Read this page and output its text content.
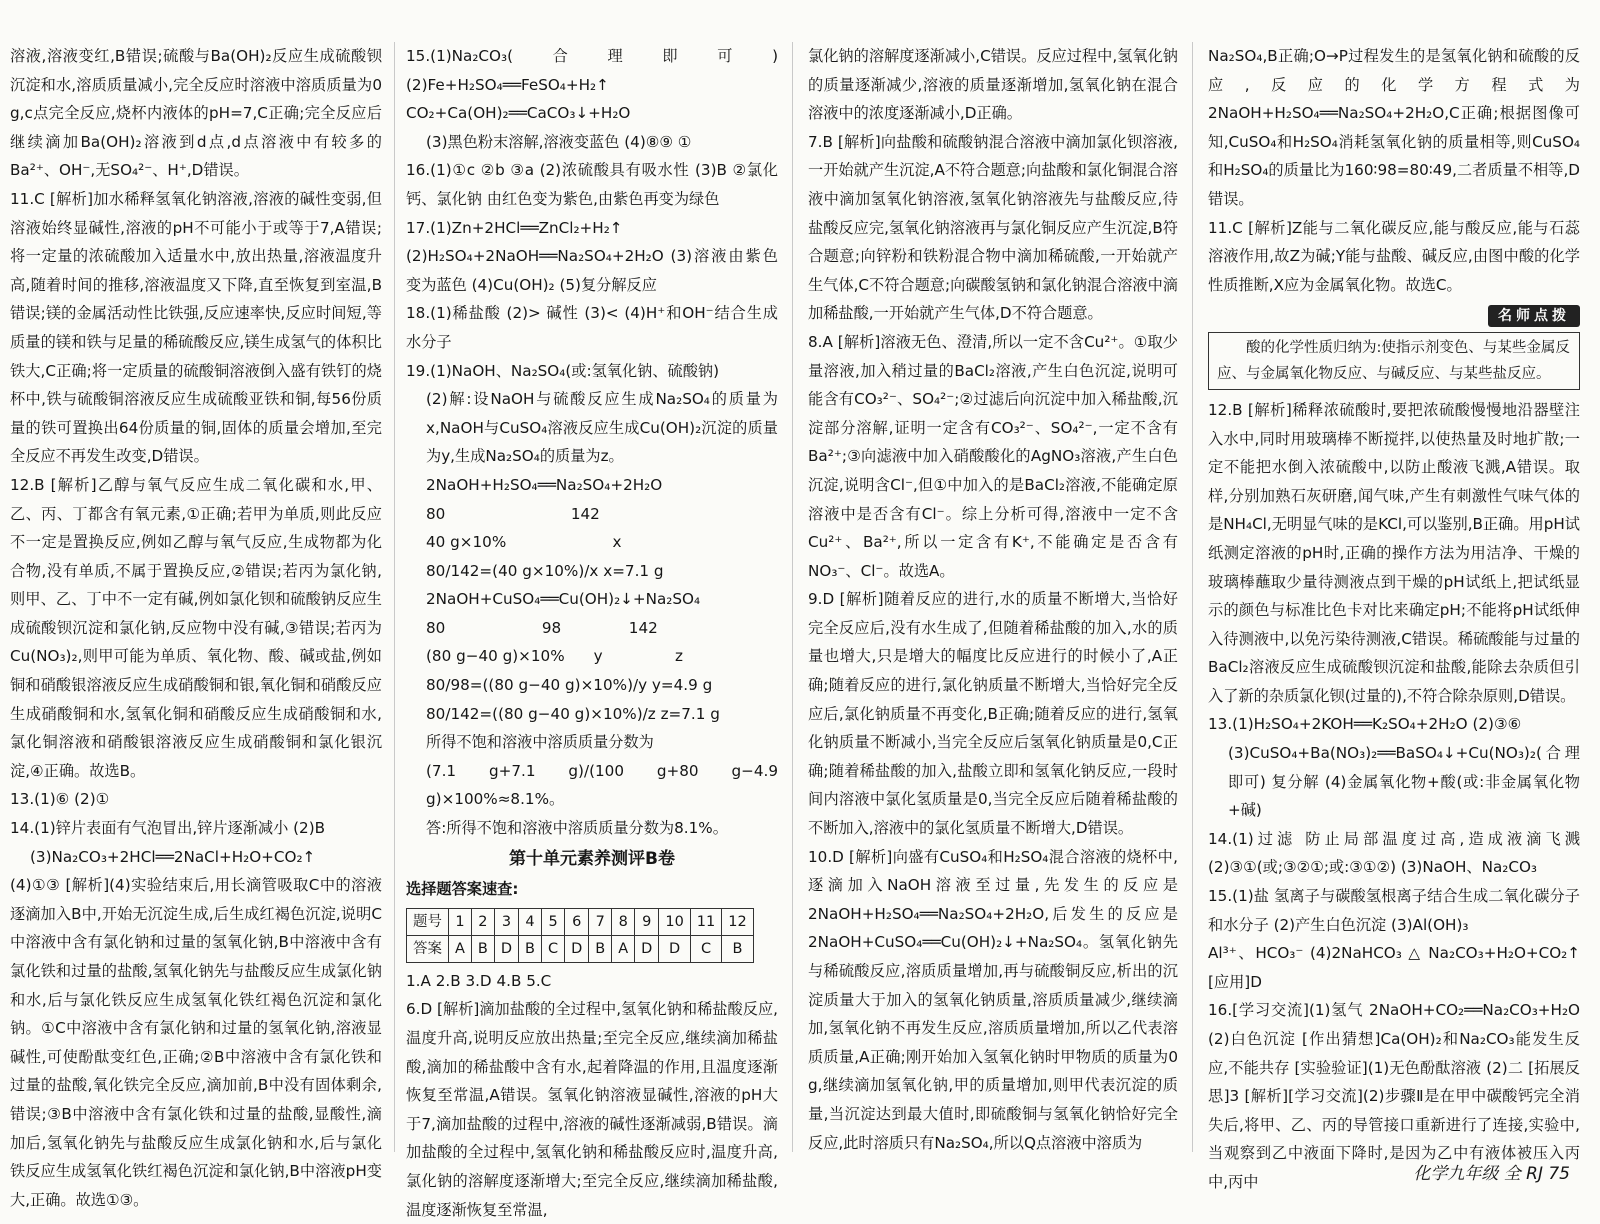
溶液,溶液变红,B错误;硫酸与Ba(OH)₂反应生成硫酸钡沉淀和水,溶质质量减小,完全反应时溶液中溶质质量为0 g,c点完全反应,烧杯内液体的pH=7,C正确;完全反应后继续滴加Ba(OH)₂溶液到d点,d点溶液中有较多的Ba²⁺、OH⁻,无SO₄²⁻、H⁺,D错误。

11.C [解析]加水稀释氢氧化钠溶液,溶液的碱性变弱,但溶液始终显碱性,溶液的pH不可能小于或等于7,A错误;将一定量的浓硫酸加入适量水中,放出热量,溶液温度升高,随着时间的推移,溶液温度又下降,直至恢复到室温,B错误;镁的金属活动性比铁强,反应速率快,反应时间短,等质量的镁和铁与足量的稀硫酸反应,镁生成氢气的体积比铁大,C正确;将一定质量的硫酸铜溶液倒入盛有铁钉的烧杯中,铁与硫酸铜溶液反应生成硫酸亚铁和铜,每56份质量的铁可置换出64份质量的铜,固体的质量会增加,至完全反应不再发生改变,D错误。

12.B [解析]乙醇与氧气反应生成二氧化碳和水,甲、乙、丙、丁都含有氧元素,①正确;若甲为单质,则此反应不一定是置换反应,例如乙醇与氧气反应,生成物都为化合物,没有单质,不属于置换反应,②错误;若丙为氯化钠,则甲、乙、丁中不一定有碱,例如氯化钡和硫酸钠反应生成硫酸钡沉淀和氯化钠,反应物中没有碱,③错误;若丙为Cu(NO₃)₂,则甲可能为单质、氧化物、酸、碱或盐,例如铜和硝酸银溶液反应生成硝酸铜和银,氧化铜和硝酸反应生成硝酸铜和水,氢氧化铜和硝酸反应生成硝酸铜和水,氯化铜溶液和硝酸银溶液反应生成硝酸铜和氯化银沉淀,④正确。故选B。

13.(1)⑥ (2)①

14.(1)锌片表面有气泡冒出,锌片逐渐减小 (2)B

(3)Na₂CO₃+2HCl══2NaCl+H₂O+CO₂↑

(4)①③ [解析](4)实验结束后,用长滴管吸取C中的溶液逐滴加入B中,开始无沉淀生成,后生成红褐色沉淀,说明C中溶液中含有氯化钠和过量的氢氧化钠,B中溶液中含有氯化铁和过量的盐酸,氢氧化钠先与盐酸反应生成氯化钠和水,后与氯化铁反应生成氢氧化铁红褐色沉淀和氯化钠。①C中溶液中含有氯化钠和过量的氢氧化钠,溶液显碱性,可使酚酞变红色,正确;②B中溶液中含有氯化铁和过量的盐酸,氧化铁完全反应,滴加前,B中没有固体剩余,错误;③B中溶液中含有氯化铁和过量的盐酸,显酸性,滴加后,氢氧化钠先与盐酸反应生成氯化钠和水,后与氯化铁反应生成氢氧化铁红褐色沉淀和氯化钠,B中溶液pH变大,正确。故选①③。

15.(1)Na₂CO₃(合理即可) (2)Fe+H₂SO₄══FeSO₄+H₂↑ CO₂+Ca(OH)₂══CaCO₃↓+H₂O

(3)黑色粉末溶解,溶液变蓝色 (4)⑧⑨ ①

16.(1)①c ②b ③a (2)浓硫酸具有吸水性 (3)B ②氯化钙、氯化钠 由红色变为紫色,由紫色再变为绿色

17.(1)Zn+2HCl══ZnCl₂+H₂↑ (2)H₂SO₄+2NaOH══Na₂SO₄+2H₂O (3)溶液由紫色变为蓝色 (4)Cu(OH)₂ (5)复分解反应

18.(1)稀盐酸 (2)> 碱性 (3)< (4)H⁺和OH⁻结合生成水分子

19.(1)NaOH、Na₂SO₄(或:氢氧化钠、硫酸钠)

(2)解:设NaOH与硫酸反应生成Na₂SO₄的质量为x,NaOH与CuSO₄溶液反应生成Cu(OH)₂沉淀的质量为y,生成Na₂SO₄的质量为z。

2NaOH+H₂SO₄══Na₂SO₄+2H₂O

80                          142

40 g×10%                      x

80/142=(40 g×10%)/x x=7.1 g

2NaOH+CuSO₄══Cu(OH)₂↓+Na₂SO₄

80                    98              142

(80 g−40 g)×10%      y               z

80/98=((80 g−40 g)×10%)/y y=4.9 g

80/142=((80 g−40 g)×10%)/z z=7.1 g

所得不饱和溶液中溶质质量分数为

(7.1 g+7.1 g)/(100 g+80 g−4.9 g)×100%≈8.1%。

答:所得不饱和溶液中溶质质量分数为8.1%。

第十单元素养测评B卷

选择题答案速查:

题号	1	2	3	4	5	6	7	8	9	10	11	12
答案	A	B	D	B	C	D	B	A	D	D	C	B

1.A 2.B 3.D 4.B 5.C

6.D [解析]滴加盐酸的全过程中,氢氧化钠和稀盐酸反应,温度升高,说明反应放出热量;至完全反应,继续滴加稀盐酸,滴加的稀盐酸中含有水,起着降温的作用,且温度逐渐恢复至常温,A错误。氢氧化钠溶液显碱性,溶液的pH大于7,滴加盐酸的过程中,溶液的碱性逐渐减弱,B错误。滴加盐酸的全过程中,氢氧化钠和稀盐酸反应时,温度升高,氯化钠的溶解度逐渐增大;至完全反应,继续滴加稀盐酸,温度逐渐恢复至常温,

氯化钠的溶解度逐渐减小,C错误。反应过程中,氢氧化钠的质量逐渐减少,溶液的质量逐渐增加,氢氧化钠在混合溶液中的浓度逐渐减小,D正确。

7.B [解析]向盐酸和硫酸钠混合溶液中滴加氯化钡溶液,一开始就产生沉淀,A不符合题意;向盐酸和氯化铜混合溶液中滴加氢氧化钠溶液,氢氧化钠溶液先与盐酸反应,待盐酸反应完,氢氧化钠溶液再与氯化铜反应产生沉淀,B符合题意;向锌粉和铁粉混合物中滴加稀硫酸,一开始就产生气体,C不符合题意;向碳酸氢钠和氯化钠混合溶液中滴加稀盐酸,一开始就产生气体,D不符合题意。

8.A [解析]溶液无色、澄清,所以一定不含Cu²⁺。①取少量溶液,加入稍过量的BaCl₂溶液,产生白色沉淀,说明可能含有CO₃²⁻、SO₄²⁻;②过滤后向沉淀中加入稀盐酸,沉淀部分溶解,证明一定含有CO₃²⁻、SO₄²⁻,一定不含有Ba²⁺;③向滤液中加入硝酸酸化的AgNO₃溶液,产生白色沉淀,说明含Cl⁻,但①中加入的是BaCl₂溶液,不能确定原溶液中是否含有Cl⁻。综上分析可得,溶液中一定不含Cu²⁺、Ba²⁺,所以一定含有K⁺,不能确定是否含有NO₃⁻、Cl⁻。故选A。

9.D [解析]随着反应的进行,水的质量不断增大,当恰好完全反应后,没有水生成了,但随着稀盐酸的加入,水的质量也增大,只是增大的幅度比反应进行的时候小了,A正确;随着反应的进行,氯化钠质量不断增大,当恰好完全反应后,氯化钠质量不再变化,B正确;随着反应的进行,氢氧化钠质量不断减小,当完全反应后氢氧化钠质量是0,C正确;随着稀盐酸的加入,盐酸立即和氢氧化钠反应,一段时间内溶液中氯化氢质量是0,当完全反应后随着稀盐酸的不断加入,溶液中的氯化氢质量不断增大,D错误。

10.D [解析]向盛有CuSO₄和H₂SO₄混合溶液的烧杯中,逐滴加入NaOH溶液至过量,先发生的反应是2NaOH+H₂SO₄══Na₂SO₄+2H₂O,后发生的反应是2NaOH+CuSO₄══Cu(OH)₂↓+Na₂SO₄。氢氧化钠先与稀硫酸反应,溶质质量增加,再与硫酸铜反应,析出的沉淀质量大于加入的氢氧化钠质量,溶质质量减少,继续滴加,氢氧化钠不再发生反应,溶质质量增加,所以乙代表溶质质量,A正确;刚开始加入氢氧化钠时甲物质的质量为0 g,继续滴加氢氧化钠,甲的质量增加,则甲代表沉淀的质量,当沉淀达到最大值时,即硫酸铜与氢氧化钠恰好完全反应,此时溶质只有Na₂SO₄,所以Q点溶液中溶质为

Na₂SO₄,B正确;O→P过程发生的是氢氧化钠和硫酸的反应,反应的化学方程式为2NaOH+H₂SO₄══Na₂SO₄+2H₂O,C正确;根据图像可知,CuSO₄和H₂SO₄消耗氢氧化钠的质量相等,则CuSO₄和H₂SO₄的质量比为160∶98=80∶49,二者质量不相等,D错误。

11.C [解析]Z能与二氧化碳反应,能与酸反应,能与石蕊溶液作用,故Z为碱;Y能与盐酸、碱反应,由图中酸的化学性质推断,X应为金属氧化物。故选C。

名师点拨
酸的化学性质归纳为:使指示剂变色、与某些金属反应、与金属氧化物反应、与碱反应、与某些盐反应。

12.B [解析]稀释浓硫酸时,要把浓硫酸慢慢地沿器壁注入水中,同时用玻璃棒不断搅拌,以使热量及时地扩散;一定不能把水倒入浓硫酸中,以防止酸液飞溅,A错误。取样,分别加熟石灰研磨,闻气味,产生有刺激性气味气体的是NH₄Cl,无明显气味的是KCl,可以鉴别,B正确。用pH试纸测定溶液的pH时,正确的操作方法为用洁净、干燥的玻璃棒蘸取少量待测液点到干燥的pH试纸上,把试纸显示的颜色与标准比色卡对比来确定pH;不能将pH试纸伸入待测液中,以免污染待测液,C错误。稀硫酸能与过量的BaCl₂溶液反应生成硫酸钡沉淀和盐酸,能除去杂质但引入了新的杂质氯化钡(过量的),不符合除杂原则,D错误。

13.(1)H₂SO₄+2KOH══K₂SO₄+2H₂O (2)③⑥

(3)CuSO₄+Ba(NO₃)₂══BaSO₄↓+Cu(NO₃)₂(合理即可) 复分解 (4)金属氧化物+酸(或:非金属氧化物+碱)

14.(1)过滤 防止局部温度过高,造成液滴飞溅 (2)③①(或;③②①;或:③①②) (3)NaOH、Na₂CO₃

15.(1)盐 氢离子与碳酸氢根离子结合生成二氧化碳分子和水分子 (2)产生白色沉淀 (3)Al(OH)₃

Al³⁺、HCO₃⁻ (4)2NaHCO₃ △ Na₂CO₃+H₂O+CO₂↑ [应用]D

16.[学习交流](1)氢气 2NaOH+CO₂══Na₂CO₃+H₂O (2)白色沉淀 [作出猜想]Ca(OH)₂和Na₂CO₃能发生反应,不能共存 [实验验证](1)无色酚酞溶液 (2)二 [拓展反思]3 [解析][学习交流](2)步骤Ⅱ是在甲中碳酸钙完全消失后,将甲、乙、丙的导管接口重新进行了连接,实验中,当观察到乙中液面下降时,是因为乙中有液体被压入丙中,丙中	化学九年级 全 RJ 75
